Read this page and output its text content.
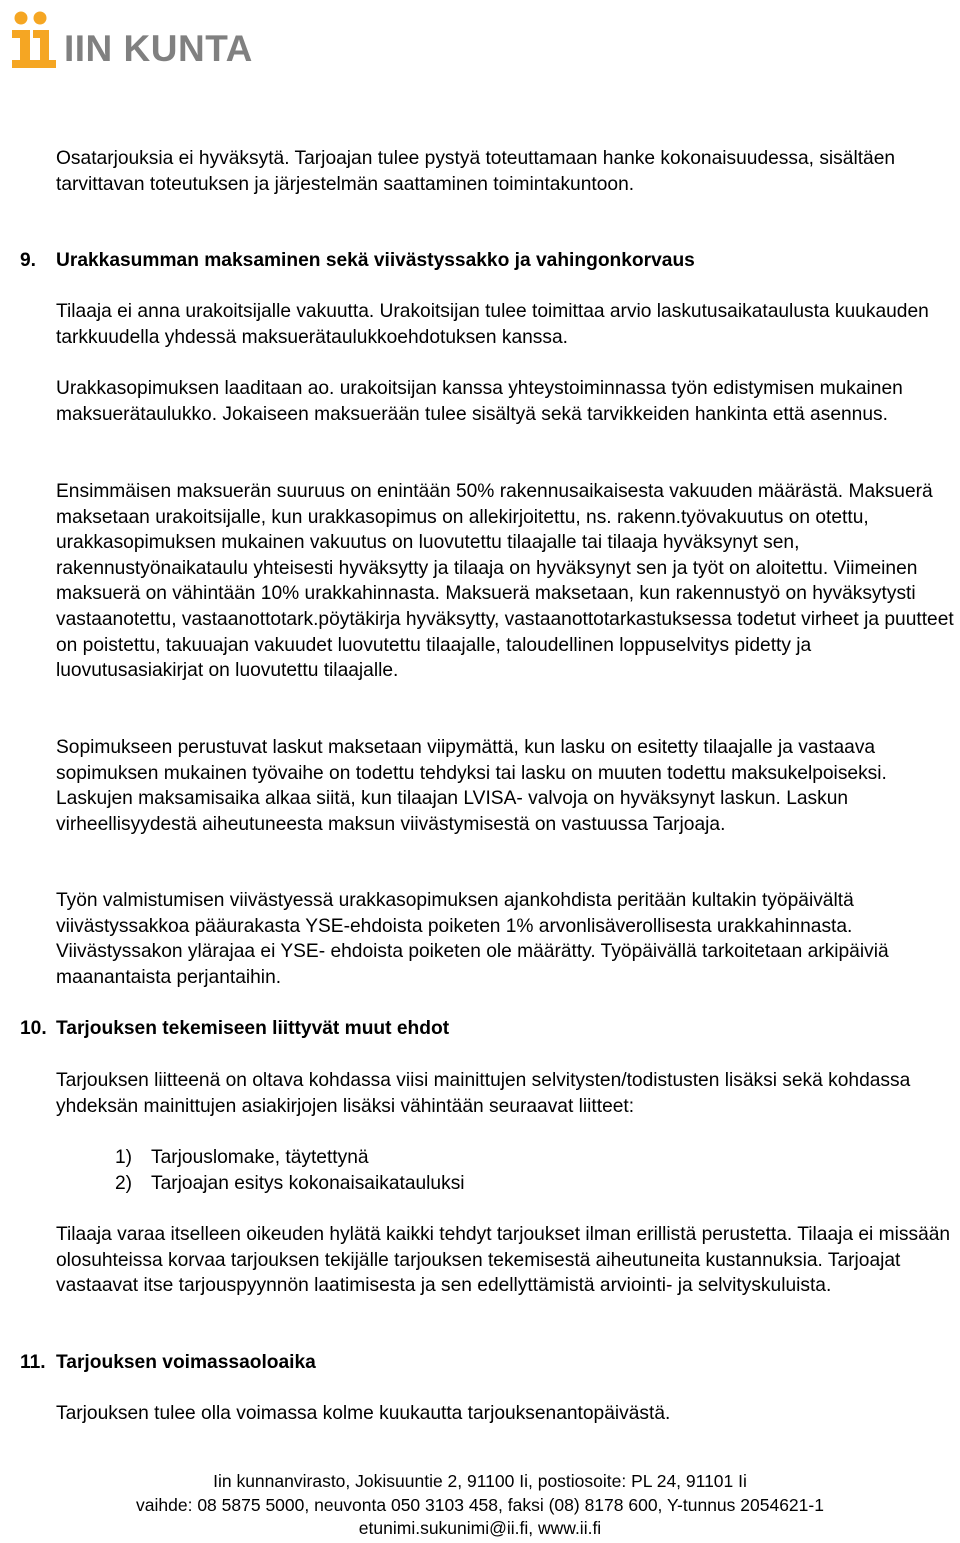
IIN KUNTA

Osatarjouksia ei hyväksytä. Tarjoajan tulee pystyä toteuttamaan hanke kokonaisuudessa, sisältäen tarvittavan toteutuksen ja järjestelmän saattaminen toimintakuntoon.

9. Urakkasumman maksaminen sekä viivästyssakko ja vahingonkorvaus

Tilaaja ei anna urakoitsijalle vakuutta. Urakoitsijan tulee toimittaa arvio laskutusaikataulusta kuukauden tarkkuudella yhdessä maksuerätaulukkoehdotuksen kanssa.

Urakkasopimuksen laaditaan ao. urakoitsijan kanssa yhteystoiminnassa työn edistymisen mukainen maksuerätaulukko. Jokaiseen maksuerään tulee sisältyä sekä tarvikkeiden hankinta että asennus.

Ensimmäisen maksuerän suuruus on enintään 50% rakennusaikaisesta vakuuden määrästä. Maksuerä maksetaan urakoitsijalle, kun urakkasopimus on allekirjoitettu, ns. rakenn.työvakuutus on otettu, urakkasopimuksen mukainen vakuutus on luovutettu tilaajalle tai tilaaja hyväksynyt sen, rakennustyönaikataulu yhteisesti hyväksytty ja tilaaja on hyväksynyt sen ja työt on aloitettu. Viimeinen maksuerä on vähintään 10% urakkahinnasta. Maksuerä maksetaan, kun rakennustyö on hyväksytysti vastaanotettu, vastaanottotark.pöytäkirja hyväksytty, vastaanottotarkastuksessa todetut virheet ja puutteet on poistettu, takuuajan vakuudet luovutettu tilaajalle, taloudellinen loppuselvitys pidetty ja luovutusasiakirjat on luovutettu tilaajalle.

Sopimukseen perustuvat laskut maksetaan viipymättä, kun lasku on esitetty tilaajalle ja vastaava sopimuksen mukainen työvaihe on todettu tehdyksi tai lasku on muuten todettu maksukelpoiseksi. Laskujen maksamisaika alkaa siitä, kun tilaajan LVISA- valvoja on hyväksynyt laskun. Laskun virheellisyydestä aiheutuneesta maksun viivästymisestä on vastuussa Tarjoaja.

Työn valmistumisen viivästyessä urakkasopimuksen ajankohdista peritään kultakin työpäivältä viivästyssakkoa pääurakasta YSE-ehdoista poiketen 1% arvonlisäverollisesta urakkahinnasta. Viivästyssakon ylärajaa ei YSE- ehdoista poiketen ole määrätty. Työpäivällä tarkoitetaan arkipäiviä maanantaista perjantaihin.

10. Tarjouksen tekemiseen liittyvät muut ehdot

Tarjouksen liitteenä on oltava kohdassa viisi mainittujen selvitysten/todistusten lisäksi sekä kohdassa yhdeksän mainittujen asiakirjojen lisäksi vähintään seuraavat liitteet:

1) Tarjouslomake, täytettynä
2) Tarjoajan esitys kokonaisaikatauluksi

Tilaaja varaa itselleen oikeuden hylätä kaikki tehdyt tarjoukset ilman erillistä perustetta. Tilaaja ei missään olosuhteissa korvaa tarjouksen tekijälle tarjouksen tekemisestä aiheutuneita kustannuksia. Tarjoajat vastaavat itse tarjouspyynnön laatimisesta ja sen edellyttämistä arviointi- ja selvityskuluista.

11. Tarjouksen voimassaoloaika

Tarjouksen tulee olla voimassa kolme kuukautta tarjouksenantopäivästä.

Iin kunnanvirasto, Jokisuuntie 2, 91100 Ii, postiosoite: PL 24, 91101 Ii
vaihde: 08 5875 5000, neuvonta 050 3103 458, faksi (08) 8178 600, Y-tunnus 2054621-1
etunimi.sukunimi@ii.fi, www.ii.fi
